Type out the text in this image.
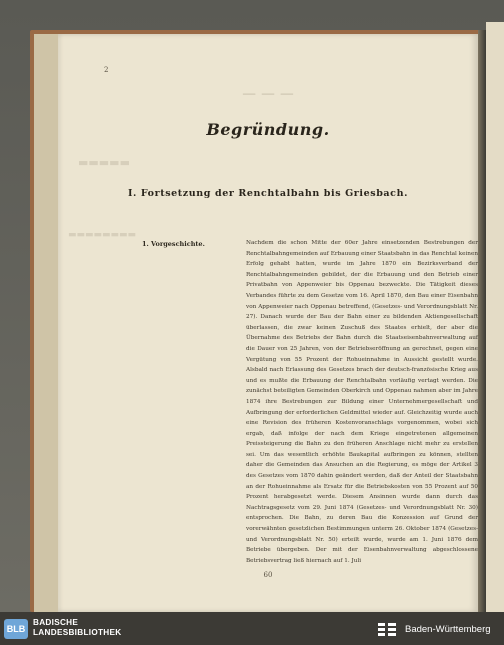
— — —
▬▬▬▬▬
▬▬▬▬▬▬▬▬
2
Begründung.
I. Fortsetzung der Renchtalbahn bis Griesbach.
1. Vorgeschichte.	Nachdem die schon Mitte der 60er Jahre einsetzenden Bestrebungen der Renchtalbahngemeinden auf Erbauung einer Staatsbahn in das Renchtal keinen Erfolg gehabt hatten, wurde im Jahre 1870 ein Bezirksverband der Renchtalbahngemeinden gebildet, der die Erbauung und den Betrieb einer Privatbahn von Appenweier bis Oppenau bezweckte. Die Tätigkeit dieses Verbandes führte zu dem Gesetze vom 16. April 1870, den Bau einer Eisenbahn von Appenweier nach Oppenau betreffend, (Gesetzes- und Verordnungsblatt Nr. 27). Danach wurde der Bau der Bahn einer zu bildenden Aktiengesellschaft überlassen, die zwar keinen Zuschuß des Staates erhielt, der aber die Übernahme des Betriebs der Bahn durch die Staatseisenbahnverwaltung auf die Dauer von 25 Jahren, von der Betriebseröffnung an gerechnet, gegen eine Vergütung von 55 Prozent der Rohueinnahme in Aussicht gestellt wurde. Alsbald nach Erlassung des Gesetzes brach der deutsch-französische Krieg aus und es mußte die Erbauung der Renchtalbahn vorläufig vertagt werden. Die zunächst beteiligten Gemeinden Oberkirch und Oppenau nahmen aber im Jahre 1874 ihre Bestrebungen zur Bildung einer Unternehmergesellschaft und Aufbringung der erforderlichen Geldmittel wieder auf. Gleichzeitig wurde auch eine Revision des früheren Kostenvoranschlags vorgenommen, wobei sich ergab, daß infolge der nach dem Kriege eingetretenen allgemeinen Preissteigerung die Bahn zu den früheren Anschlage nicht mehr zu erstellen sei. Um das wesentlich erhöhte Baukapital aufbringen zu können, stellten daher die Gemeinden das Ansuchen an die Regierung, es möge der Artikel 3 des Gesetzes vom 1870 dahin geändert werden, daß der Anteil der Staatsbahn an der Rohueinnahme als Ersatz für die Betriebskosten von 55 Prozent auf 50 Prozent herabgesetzt werde. Diesem Ansinnen wurde dann durch das Nachtragsgesetz vom 29. Juni 1874 (Gesetzes- und Verordnungsblatt Nr. 30) entsprochen. Die Bahn, zu deren Bau die Konzession auf Grund der vorerwähnten gesetzlichen Bestimmungen unterm 26. Oktober 1874 (Gesetzes- und Verordnungsblatt Nr. 50) erteilt wurde, wurde am 1. Juni 1876 dem Betriebe übergeben. Der mit der Eisenbahnverwaltung abgeschlossene Betriebsvertrag ließ hiernach auf 1. Juli

60
BLB
BADISCHE
LANDESBIBLIOTHEK	Baden-Württemberg
